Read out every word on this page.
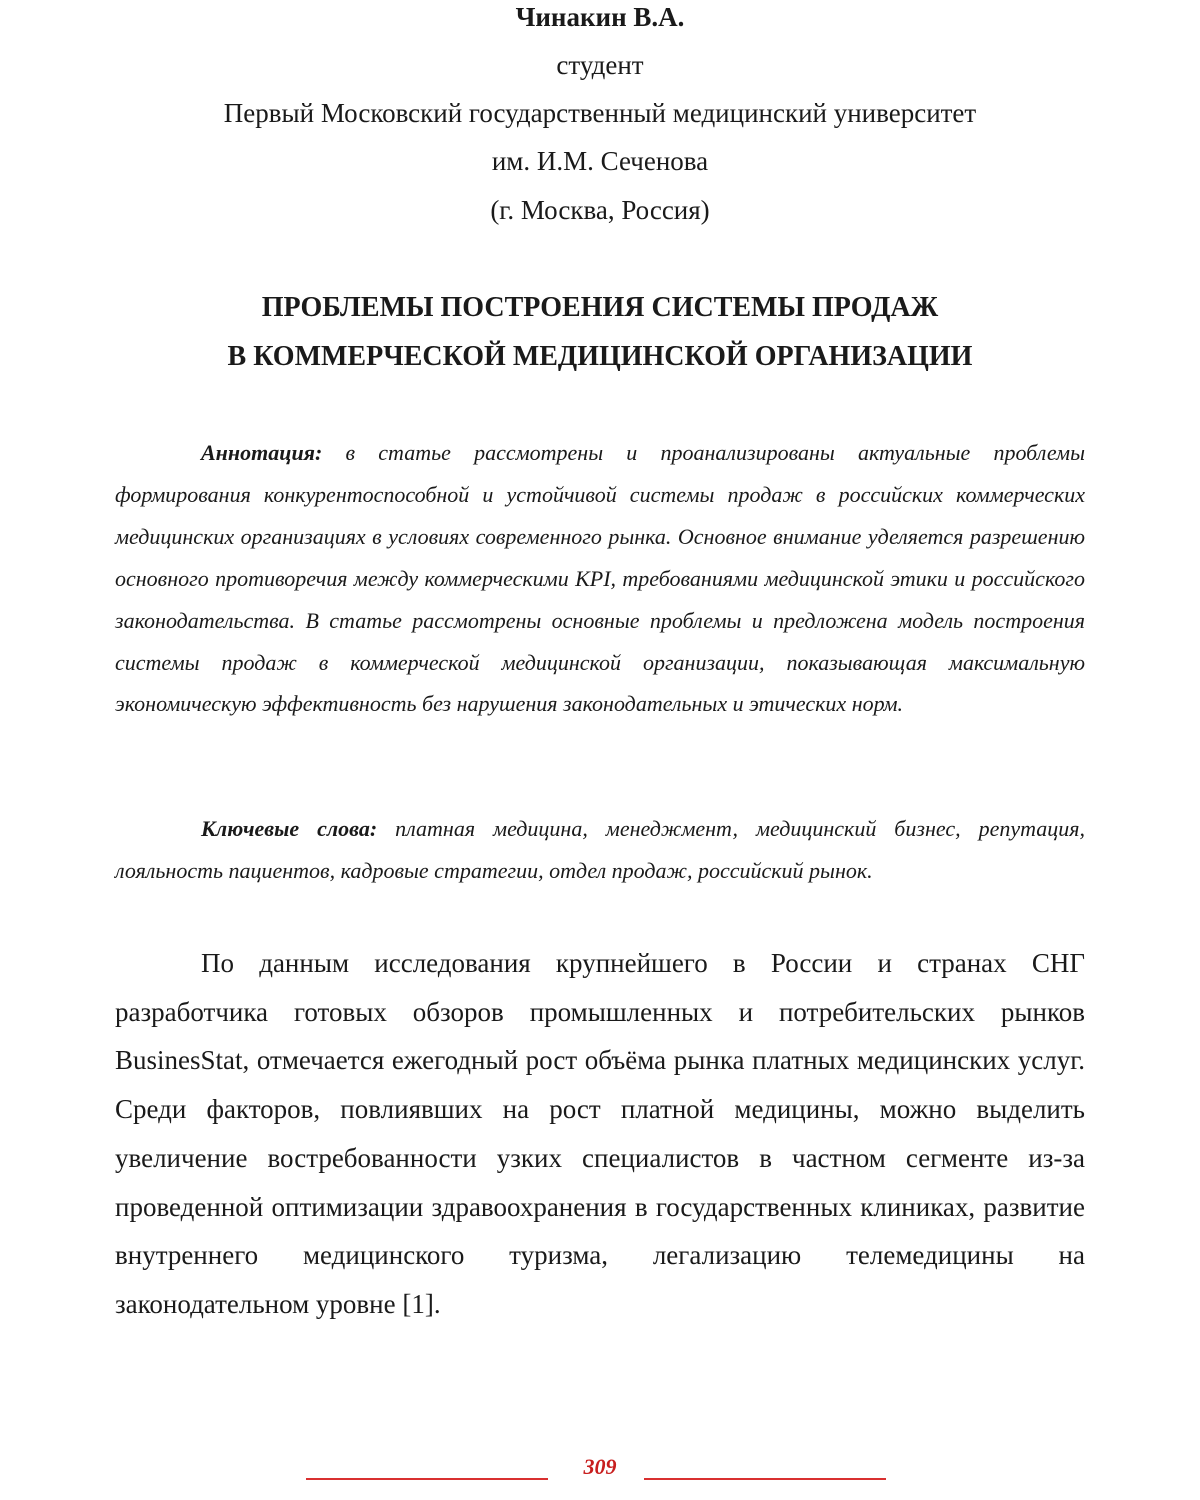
Чинакин В.А.
студент
Первый Московский государственный медицинский университет
им. И.М. Сеченова
(г. Москва, Россия)
ПРОБЛЕМЫ ПОСТРОЕНИЯ СИСТЕМЫ ПРОДАЖ
В КОММЕРЧЕСКОЙ МЕДИЦИНСКОЙ ОРГАНИЗАЦИИ
Аннотация: в статье рассмотрены и проанализированы актуальные проблемы формирования конкурентоспособной и устойчивой системы продаж в российских коммерческих медицинских организациях в условиях современного рынка. Основное внимание уделяется разрешению основного противоречия между коммерческими KPI, требованиями медицинской этики и российского законодательства. В статье рассмотрены основные проблемы и предложена модель построения системы продаж в коммерческой медицинской организации, показывающая максимальную экономическую эффективность без нарушения законодательных и этических норм.
Ключевые слова: платная медицина, менеджмент, медицинский бизнес, репутация, лояльность пациентов, кадровые стратегии, отдел продаж, российский рынок.
По данным исследования крупнейшего в России и странах СНГ разработчика готовых обзоров промышленных и потребительских рынков BusinesStat, отмечается ежегодный рост объёма рынка платных медицинских услуг. Среди факторов, повлиявших на рост платной медицины, можно выделить увеличение востребованности узких специалистов в частном сегменте из-за проведенной оптимизации здравоохранения в государственных клиниках, развитие внутреннего медицинского туризма, легализацию телемедицины на законодательном уровне [1].
309
